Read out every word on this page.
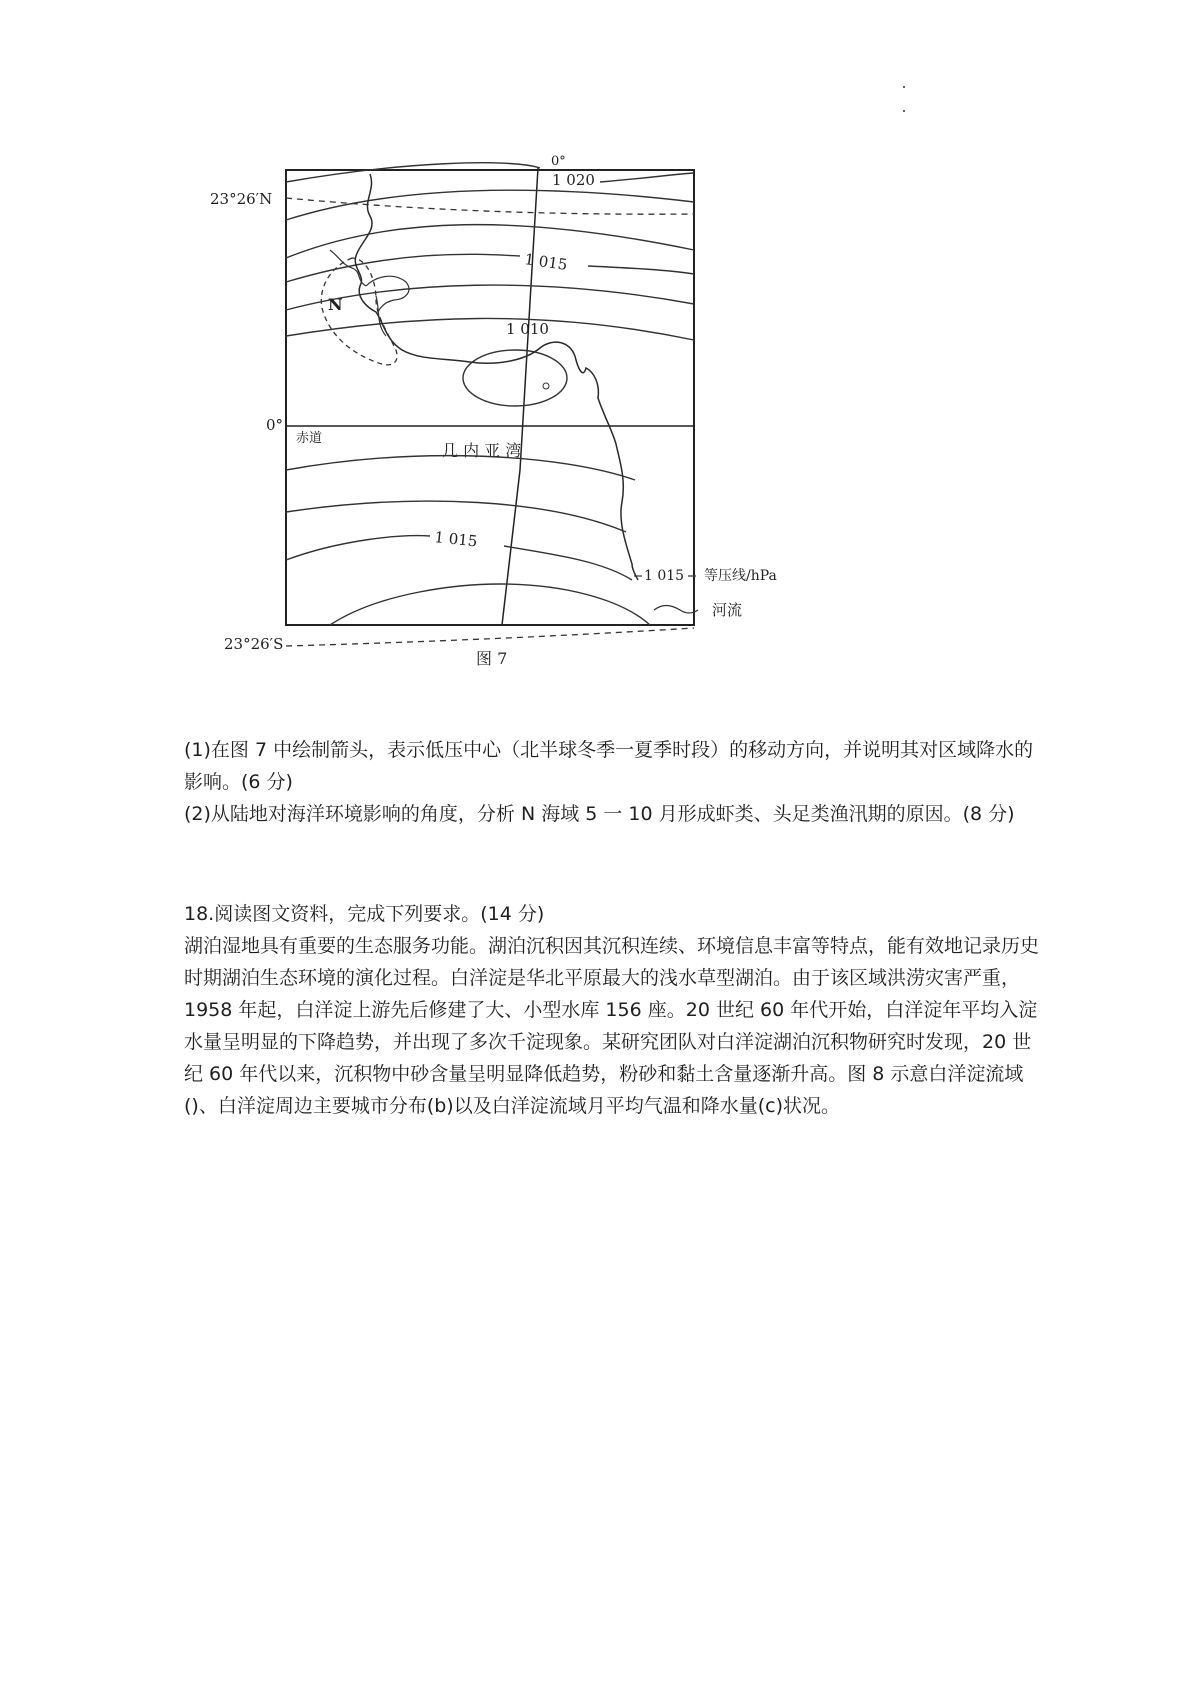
23°26′N
0°
23°26′S
0°
赤道
1 020
1 015
1 010
N
几 内 亚 湾
1 015
1 015 等压线/hPa
河流
图 7

(1)在图 7 中绘制箭头，表示低压中心（北半球冬季一夏季时段）的移动方向，并说明其对区域降水的影响。(6 分)

(2)从陆地对海洋环境影响的角度，分析 N 海域 5 一 10 月形成虾类、头足类渔汛期的原因。(8 分)

18.阅读图文资料，完成下列要求。(14 分)

湖泊湿地具有重要的生态服务功能。湖泊沉积因其沉积连续、环境信息丰富等特点，能有效地记录历史时期湖泊生态环境的演化过程。白洋淀是华北平原最大的浅水草型湖泊。由于该区域洪涝灾害严重，1958 年起，白洋淀上游先后修建了大、小型水库 156 座。20 世纪 60 年代开始，白洋淀年平均入淀水量呈明显的下降趋势，并出现了多次千淀现象。某研究团队对白洋淀湖泊沉积物研究时发现，20 世纪 60 年代以来，沉积物中砂含量呈明显降低趋势，粉砂和黏土含量逐渐升高。图 8 示意白洋淀流域()、白洋淀周边主要城市分布(b)以及白洋淀流域月平均气温和降水量(c)状况。
